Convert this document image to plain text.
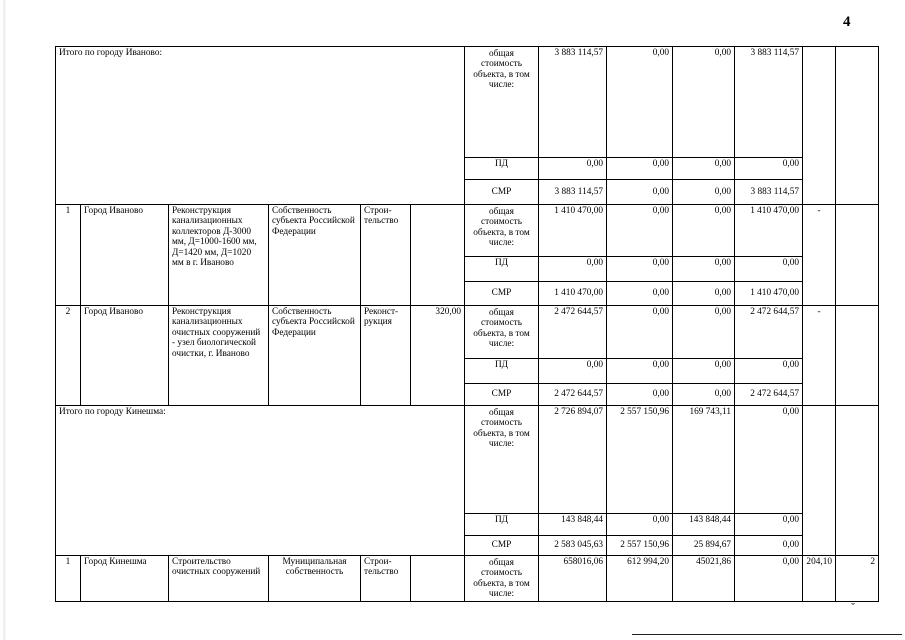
4
Итого по городу Иваново:						общая стоимость объекта, в том числе:	3 883 114,57	0,00	0,00	3 883 114,57		
						ПД	0,00	0,00	0,00	0,00		
						СМР	3 883 114,57	0,00	0,00	3 883 114,57		
1	Город Иваново	Реконструкция канализационных коллекторов Д-3000 мм, Д=1000-1600 мм, Д=1420 мм, Д=1020 мм в г. Иваново	Собственность субъекта Российской Федерации	Строи-тельство		общая стоимость объекта, в том числе:	1 410 470,00	0,00	0,00	1 410 470,00	-	
						ПД	0,00	0,00	0,00	0,00		
						СМР	1 410 470,00	0,00	0,00	1 410 470,00		
2	Город Иваново	Реконструкция канализационных очистных сооружений - узел биологической очистки, г. Иваново	Собственность субъекта Российской Федерации	Реконст-рукция	320,00	общая стоимость объекта, в том числе:	2 472 644,57	0,00	0,00	2 472 644,57	-	
						ПД	0,00	0,00	0,00	0,00		
						СМР	2 472 644,57	0,00	0,00	2 472 644,57		
Итого по городу Кинешма:						общая стоимость объекта, в том числе:	2 726 894,07	2 557 150,96	169 743,11	0,00		
						ПД	143 848,44	0,00	143 848,44	0,00		
						СМР	2 583 045,63	2 557 150,96	25 894,67	0,00		
1	Город Кинешма	Строительство очистных сооружений	Муниципальная собственность	Строи-тельство		общая стоимость объекта, в том числе:	658016,06	612 994,20	45021,86	0,00	204,10	2
˘
